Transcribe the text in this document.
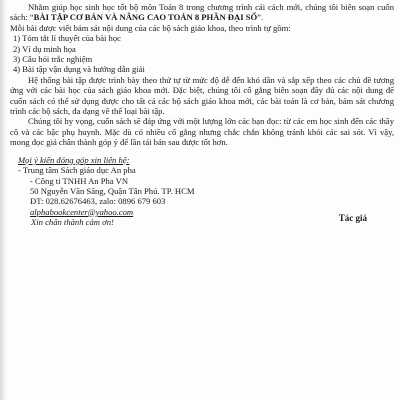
Nhằm giúp học sinh học tốt bộ môn Toán 8 trong chương trình cải cách mới, chúng tôi biên soạn cuốn sách: “BÀI TẬP CƠ BẢN VÀ NÂNG CAO TOÁN 8 PHẦN ĐẠI SỐ”.

Mỗi bài được viết bám sát nội dung của các bộ sách giáo khoa, theo trình tự gồm:

1) Tóm tắt lí thuyết của bài học
2) Ví dụ minh họa
3) Câu hỏi trắc nghiệm
4) Bài tập vận dụng và hướng dẫn giải

Hệ thống bài tập được trình bày theo thứ tự từ mức độ dễ đến khó dần và sắp xếp theo các chủ đề tương ứng với các bài học của sách giáo khoa mới. Đặc biệt, chúng tôi cố gắng biên soạn đầy đủ các nội dung để cuốn sách có thể sử dụng được cho tất cả các bộ sách giáo khoa mới, các bài toán là cơ bản, bám sát chương trình các bộ sách, đa dạng về thể loại bài tập.

Chúng tôi hy vọng, cuốn sách sẽ đáp ứng với một lượng lớn các bạn đọc: từ các em học sinh đến các thầy cô và các bậc phụ huynh. Mặc dù có nhiều cố gắng nhưng chắc chắn không tránh khỏi các sai sót. Vì vậy, mong đọc giả chân thành góp ý để lần tái bản sau được tốt hơn.

Mọi ý kiến đóng góp xin liên hệ:
- Trung tâm Sách giáo dục An pha
- Công ti TNHH An Pha VN
50 Nguyễn Văn Săng, Quận Tân Phú. TP. HCM
ĐT: 028.62676463, zalo: 0896 679 603
alphabookcenter@yahoo.com
Xin chân thành cảm ơn!	Tác giả
